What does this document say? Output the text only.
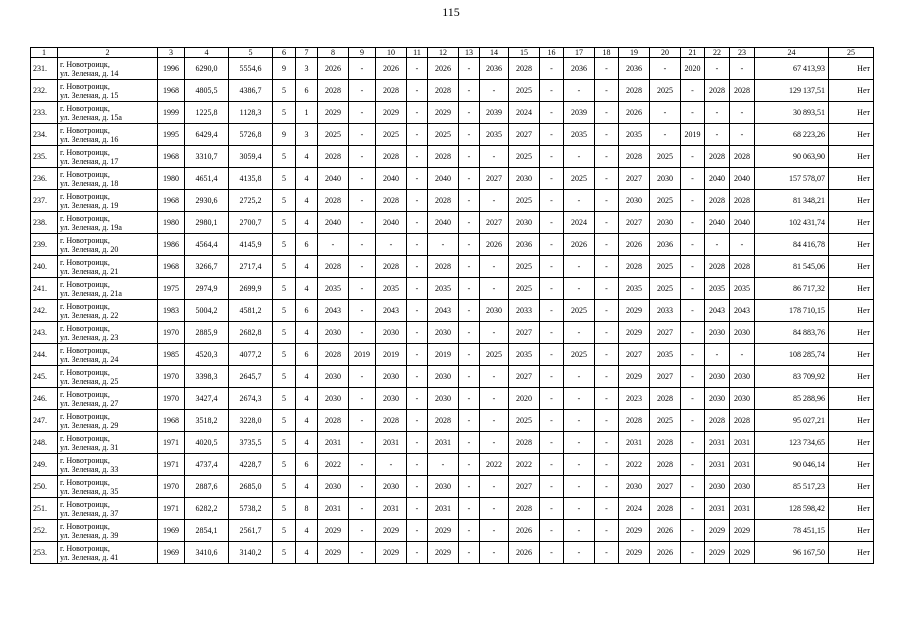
115
1	2	3	4	5	6	7	8	9	10	11	12	13	14	15	16	17	18	19	20	21	22	23	24	25
231.	г. Новотроицк,
ул. Зеленая, д. 14	1996	6290,0	5554,6	9	3	2026	-	2026	-	2026	-	2036	2028	-	2036	-	2036	-	2020	-	-	67 413,93	Нет
232.	г. Новотроицк,
ул. Зеленая, д. 15	1968	4805,5	4386,7	5	6	2028	-	2028	-	2028	-	-	2025	-	-	-	2028	2025	-	2028	2028	129 137,51	Нет
233.	г. Новотроицк,
ул. Зеленая, д. 15а	1999	1225,8	1128,3	5	1	2029	-	2029	-	2029	-	2039	2024	-	2039	-	2026	-	-	-	-	30 893,51	Нет
234.	г. Новотроицк,
ул. Зеленая, д. 16	1995	6429,4	5726,8	9	3	2025	-	2025	-	2025	-	2035	2027	-	2035	-	2035	-	2019	-	-	68 223,26	Нет
235.	г. Новотроицк,
ул. Зеленая, д. 17	1968	3310,7	3059,4	5	4	2028	-	2028	-	2028	-	-	2025	-	-	-	2028	2025	-	2028	2028	90 063,90	Нет
236.	г. Новотроицк,
ул. Зеленая, д. 18	1980	4651,4	4135,8	5	4	2040	-	2040	-	2040	-	2027	2030	-	2025	-	2027	2030	-	2040	2040	157 578,07	Нет
237.	г. Новотроицк,
ул. Зеленая, д. 19	1968	2930,6	2725,2	5	4	2028	-	2028	-	2028	-	-	2025	-	-	-	2030	2025	-	2028	2028	81 348,21	Нет
238.	г. Новотроицк,
ул. Зеленая, д. 19а	1980	2980,1	2700,7	5	4	2040	-	2040	-	2040	-	2027	2030	-	2024	-	2027	2030	-	2040	2040	102 431,74	Нет
239.	г. Новотроицк,
ул. Зеленая, д. 20	1986	4564,4	4145,9	5	6	-	-	-	-	-	-	2026	2036	-	2026	-	2026	2036	-	-	-	84 416,78	Нет
240.	г. Новотроицк,
ул. Зеленая, д. 21	1968	3266,7	2717,4	5	4	2028	-	2028	-	2028	-	-	2025	-	-	-	2028	2025	-	2028	2028	81 545,06	Нет
241.	г. Новотроицк,
ул. Зеленая, д. 21а	1975	2974,9	2699,9	5	4	2035	-	2035	-	2035	-	-	2025	-	-	-	2035	2025	-	2035	2035	86 717,32	Нет
242.	г. Новотроицк,
ул. Зеленая, д. 22	1983	5004,2	4581,2	5	6	2043	-	2043	-	2043	-	2030	2033	-	2025	-	2029	2033	-	2043	2043	178 710,15	Нет
243.	г. Новотроицк,
ул. Зеленая, д. 23	1970	2885,9	2682,8	5	4	2030	-	2030	-	2030	-	-	2027	-	-	-	2029	2027	-	2030	2030	84 883,76	Нет
244.	г. Новотроицк,
ул. Зеленая, д. 24	1985	4520,3	4077,2	5	6	2028	2019	2019	-	2019	-	2025	2035	-	2025	-	2027	2035	-	-	-	108 285,74	Нет
245.	г. Новотроицк,
ул. Зеленая, д. 25	1970	3398,3	2645,7	5	4	2030	-	2030	-	2030	-	-	2027	-	-	-	2029	2027	-	2030	2030	83 709,92	Нет
246.	г. Новотроицк,
ул. Зеленая, д. 27	1970	3427,4	2674,3	5	4	2030	-	2030	-	2030	-	-	2020	-	-	-	2023	2028	-	2030	2030	85 288,96	Нет
247.	г. Новотроицк,
ул. Зеленая, д. 29	1968	3518,2	3228,0	5	4	2028	-	2028	-	2028	-	-	2025	-	-	-	2028	2025	-	2028	2028	95 027,21	Нет
248.	г. Новотроицк,
ул. Зеленая, д. 31	1971	4020,5	3735,5	5	4	2031	-	2031	-	2031	-	-	2028	-	-	-	2031	2028	-	2031	2031	123 734,65	Нет
249.	г. Новотроицк,
ул. Зеленая, д. 33	1971	4737,4	4228,7	5	6	2022	-	-	-	-	-	2022	2022	-	-	-	2022	2028	-	2031	2031	90 046,14	Нет
250.	г. Новотроицк,
ул. Зеленая, д. 35	1970	2887,6	2685,0	5	4	2030	-	2030	-	2030	-	-	2027	-	-	-	2030	2027	-	2030	2030	85 517,23	Нет
251.	г. Новотроицк,
ул. Зеленая, д. 37	1971	6282,2	5738,2	5	8	2031	-	2031	-	2031	-	-	2028	-	-	-	2024	2028	-	2031	2031	128 598,42	Нет
252.	г. Новотроицк,
ул. Зеленая, д. 39	1969	2854,1	2561,7	5	4	2029	-	2029	-	2029	-	-	2026	-	-	-	2029	2026	-	2029	2029	78 451,15	Нет
253.	г. Новотроицк,
ул. Зеленая, д. 41	1969	3410,6	3140,2	5	4	2029	-	2029	-	2029	-	-	2026	-	-	-	2029	2026	-	2029	2029	96 167,50	Нет
